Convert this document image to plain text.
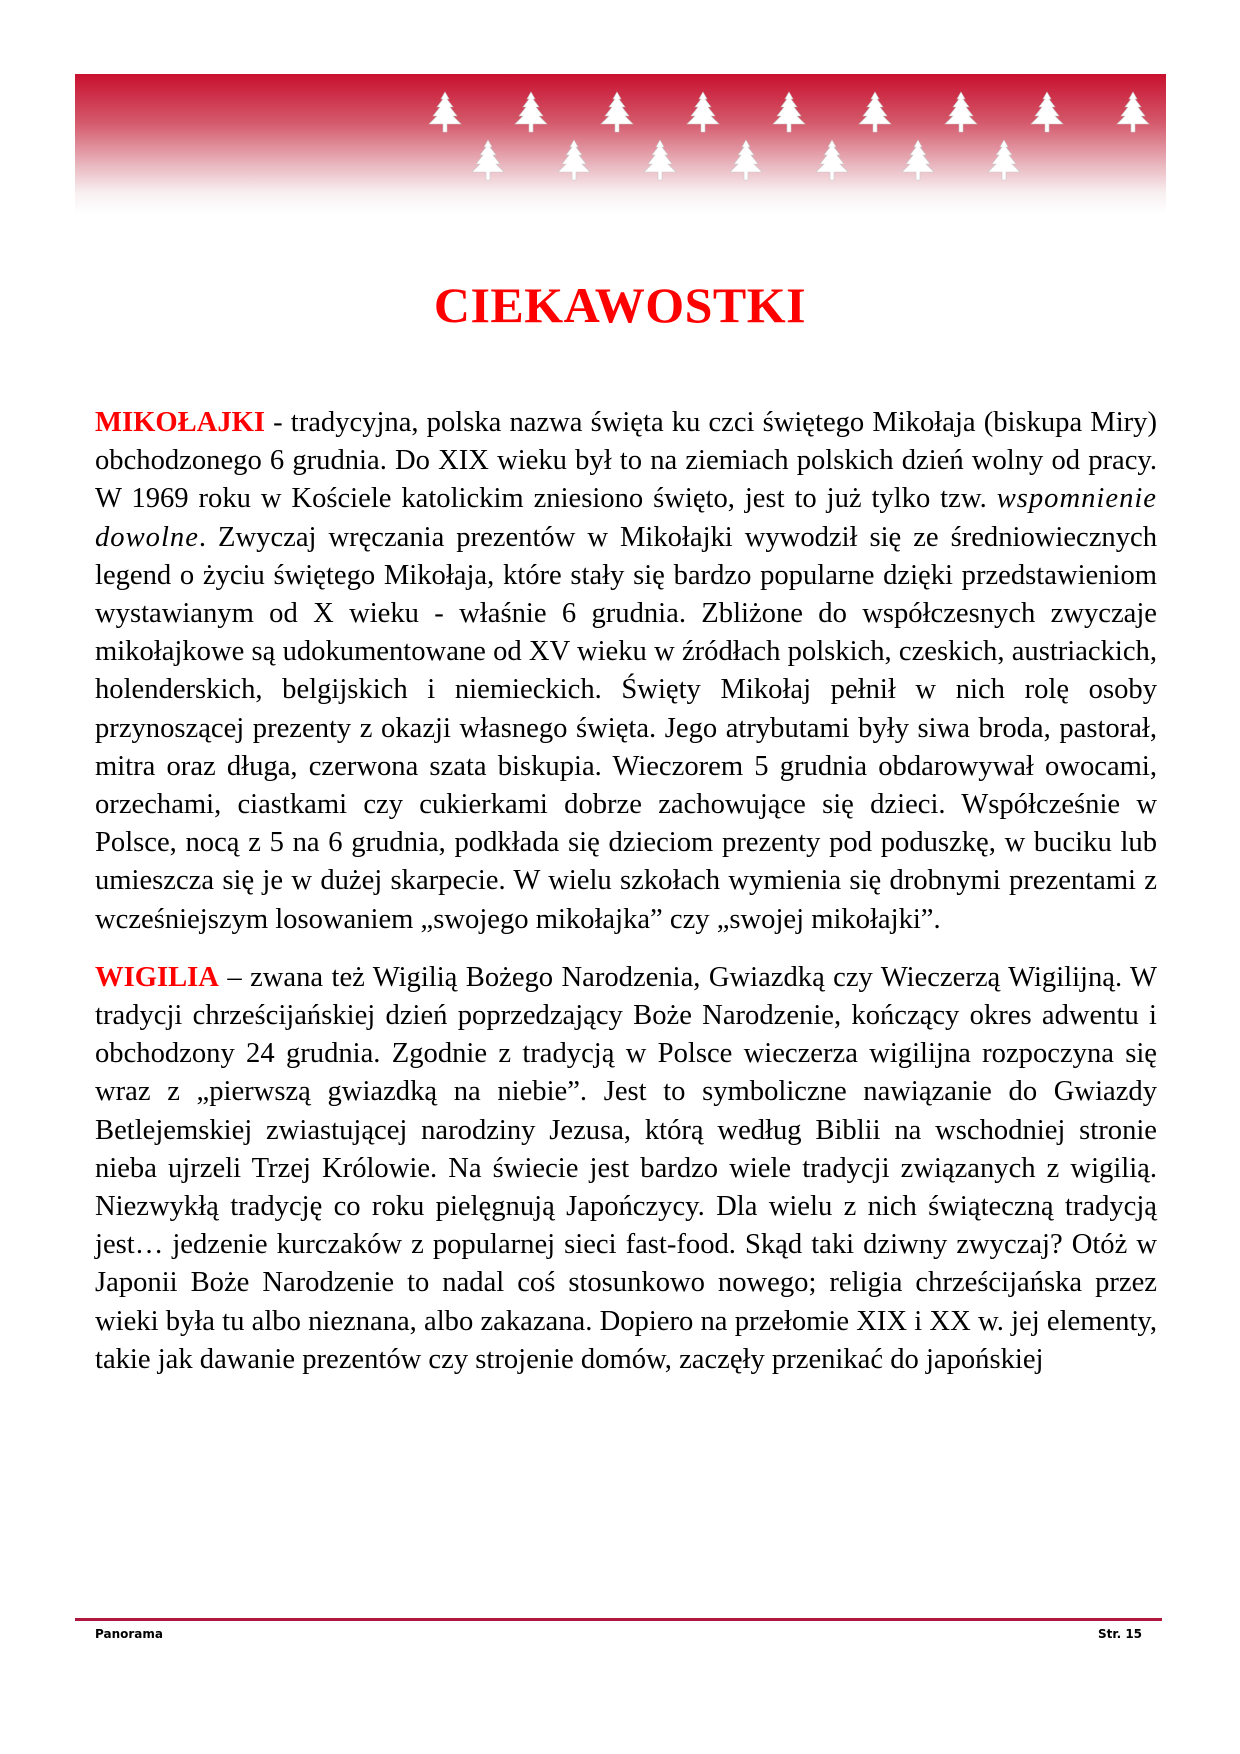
CIEKAWOSTKI

MIKOŁAJKI - tradycyjna, polska nazwa święta ku czci świętego Mikołaja (biskupa Miry) obchodzonego 6 grudnia. Do XIX wieku był to na ziemiach polskich dzień wolny od pracy. W 1969 roku w Kościele katolickim zniesiono święto, jest to już tylko tzw. wspomnienie dowolne. Zwyczaj wręczania prezentów w Mikołajki wywodził się ze średniowiecznych legend o życiu świętego Mikołaja, które stały się bardzo popularne dzięki przedstawieniom wystawianym od X wieku - właśnie 6 grudnia. Zbliżone do współczesnych zwyczaje mikołajkowe są udokumentowane od XV wieku w źródłach polskich, czeskich, austriackich, holenderskich, belgijskich i niemieckich. Święty Mikołaj pełnił w nich rolę osoby przynoszącej prezenty z okazji własnego święta. Jego atrybutami były siwa broda, pastorał, mitra oraz długa, czerwona szata biskupia. Wieczorem 5 grudnia obdarowywał owocami, orzechami, ciastkami czy cukierkami dobrze zachowujące się dzieci. Współcześnie w Polsce, nocą z 5 na 6 grudnia, podkłada się dzieciom prezenty pod poduszkę, w buciku lub umieszcza się je w dużej skarpecie. W wielu szkołach wymienia się drobnymi prezentami z wcześniejszym losowaniem „swojego mikołajka” czy „swojej mikołajki”.

WIGILIA – zwana też Wigilią Bożego Narodzenia, Gwiazdką czy Wieczerzą Wigilijną. W tradycji chrześcijańskiej dzień poprzedzający Boże Narodzenie, kończący okres adwentu i obchodzony 24 grudnia. Zgodnie z tradycją w Polsce wieczerza wigilijna rozpoczyna się wraz z „pierwszą gwiazdką na niebie”. Jest to symboliczne nawiązanie do Gwiazdy Betlejemskiej zwiastującej narodziny Jezusa, którą według Biblii na wschodniej stronie nieba ujrzeli Trzej Królowie. Na świecie jest bardzo wiele tradycji związanych z wigilią. Niezwykłą tradycję co roku pielęgnują Japończycy. Dla wielu z nich świąteczną tradycją jest… jedzenie kurczaków z popularnej sieci fast-food. Skąd taki dziwny zwyczaj? Otóż w Japonii Boże Narodzenie to nadal coś stosunkowo nowego; religia chrześcijańska przez wieki była tu albo nieznana, albo zakazana. Dopiero na przełomie XIX i XX w. jej elementy, takie jak dawanie prezentów czy strojenie domów, zaczęły przenikać do japońskiej

Panorama	Str. 15
